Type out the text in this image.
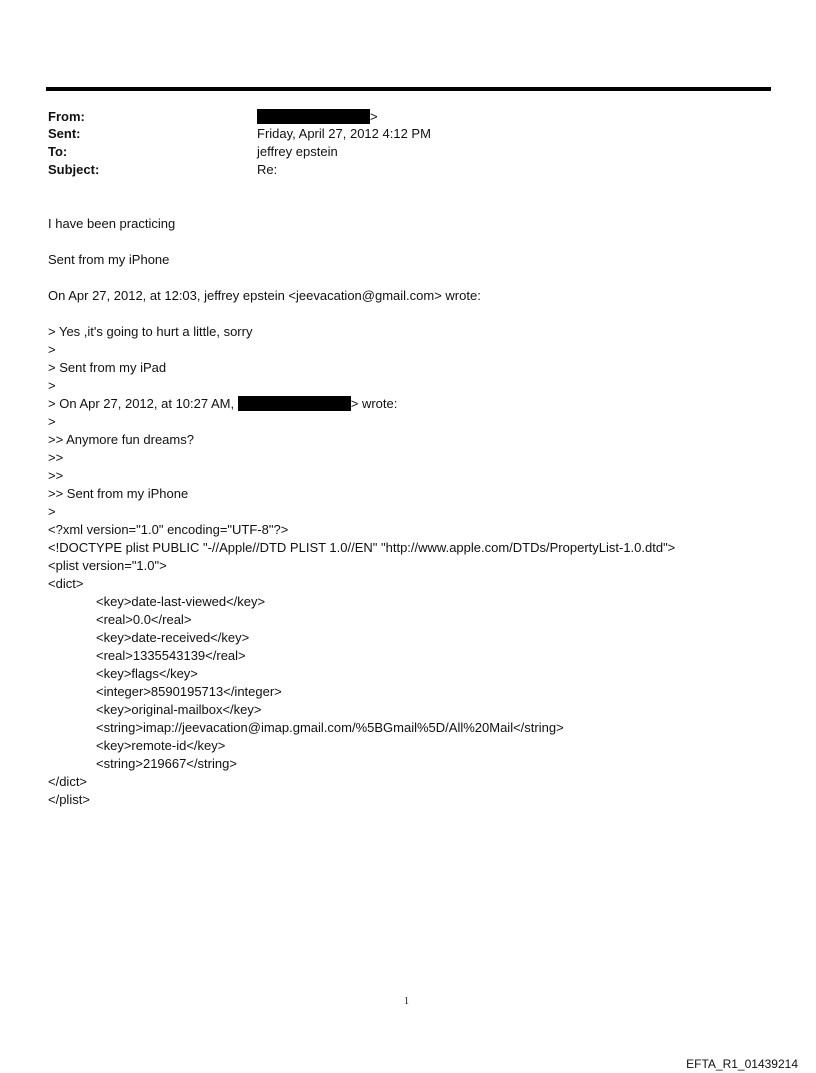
From:	>
Sent:	Friday, April 27, 2012 4:12 PM
To:	jeffrey epstein
Subject:	Re:
I have been practicing
Sent from my iPhone
On Apr 27, 2012, at 12:03, jeffrey epstein <jeevacation@gmail.com> wrote:
> Yes ,it's going to hurt a little, sorry
>
> Sent from my iPad
>
> On Apr 27, 2012, at 10:27 AM,	> wrote:
>
>> Anymore fun dreams?
>>
>>
>> Sent from my iPhone
>
<?xml version="1.0" encoding="UTF-8"?>
<!DOCTYPE plist PUBLIC "-//Apple//DTD PLIST 1.0//EN" "http://www.apple.com/DTDs/PropertyList-1.0.dtd">
<plist version="1.0">
<dict>
<key>date-last-viewed</key>
<real>0.0</real>
<key>date-received</key>
<real>1335543139</real>
<key>flags</key>
<integer>8590195713</integer>
<key>original-mailbox</key>
<string>imap://jeevacation@imap.gmail.com/%5BGmail%5D/All%20Mail</string>
<key>remote-id</key>
<string>219667</string>
</dict>
</plist>
1
EFTA_R1_01439214
